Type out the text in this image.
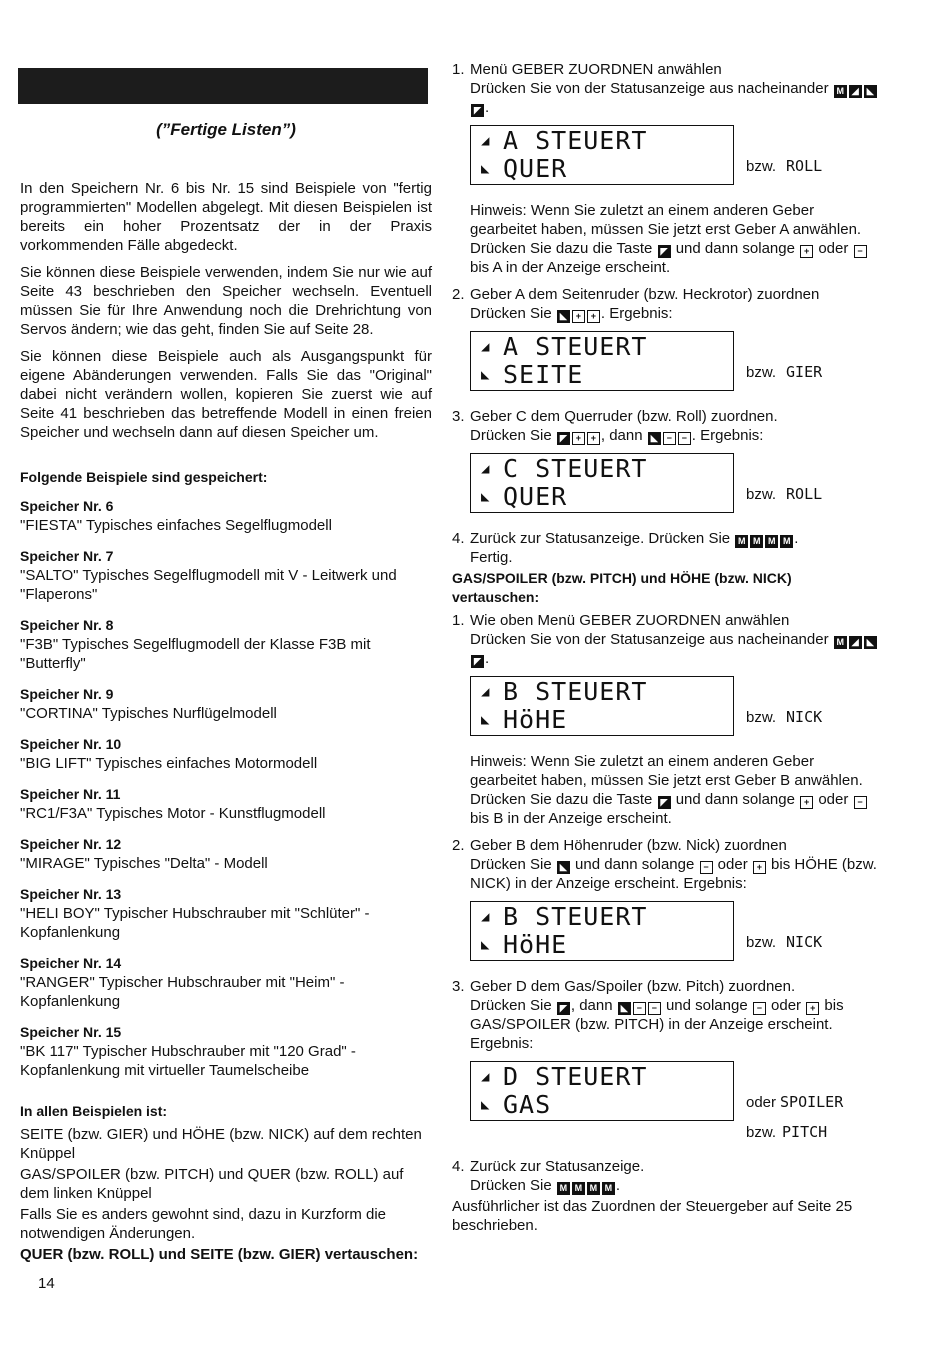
(”Fertige Listen”)

In den Speichern Nr. 6 bis Nr. 15 sind Beispiele von "fertig programmierten" Modellen abgelegt. Mit diesen Beispielen ist bereits ein hoher Prozentsatz der in der Praxis vorkommenden Fälle abgedeckt.

Sie können diese Beispiele verwenden, indem Sie nur wie auf Seite 43 beschrieben den Speicher wechseln. Eventuell müssen Sie für Ihre Anwendung noch die Drehrichtung von Servos ändern; wie das geht, finden Sie auf Seite 28.

Sie können diese Beispiele auch als Ausgangspunkt für eigene Abänderungen verwenden. Falls Sie das "Original" dabei nicht verändern wollen, kopieren Sie zuerst wie auf Seite 41 beschrieben das betreffende Modell in einen freien Speicher und wechseln dann auf diesen Speicher um.

Folgende Beispiele sind gespeichert:
Speicher Nr. 6
"FIESTA" Typisches einfaches Segelflugmodell
Speicher Nr. 7
"SALTO" Typisches Segelflugmodell mit V - Leitwerk und "Flaperons"
Speicher Nr. 8
"F3B" Typisches Segelflugmodell der Klasse F3B mit "Butterfly"
Speicher Nr. 9
"CORTINA" Typisches Nurflügelmodell
Speicher Nr. 10
"BIG LIFT" Typisches einfaches Motormodell
Speicher Nr. 11
"RC1/F3A" Typisches Motor - Kunstflugmodell
Speicher Nr. 12
"MIRAGE" Typisches "Delta" - Modell
Speicher Nr. 13
"HELI BOY" Typischer Hubschrauber mit "Schlüter" - Kopfanlenkung
Speicher Nr. 14
"RANGER" Typischer Hubschrauber mit "Heim" - Kopfanlenkung
Speicher Nr. 15
"BK 117" Typischer Hubschrauber mit "120 Grad" - Kopfanlenkung mit virtueller Taumelscheibe
In allen Beispielen ist:

SEITE (bzw. GIER) und HÖHE (bzw. NICK) auf dem rechten Knüppel

GAS/SPOILER (bzw. PITCH) und QUER (bzw. ROLL) auf dem linken Knüppel

Falls Sie es anders gewohnt sind, dazu in Kurzform die notwendigen Änderungen.

QUER (bzw. ROLL) und SEITE (bzw. GIER) vertauschen:
1. Menü GEBER ZUORDNEN anwählen
Drücken Sie von der Statusanzeige aus nacheinander M ◢ ◣◤ .
◢ A STEUERT
◣ QUER	bzw. ROLL

Hinweis: Wenn Sie zuletzt an einem anderen Geber gearbeitet haben, müssen Sie jetzt erst Geber A anwählen. Drücken Sie dazu die Taste ◤ und dann solange + oder − bis A in der Anzeige erscheint.

2. Geber A dem Seitenruder (bzw. Heckrotor) zuordnen
Drücken Sie ◣ + + . Ergebnis:
◢ A STEUERT
◣ SEITE	bzw. GIER
3. Geber C dem Querruder (bzw. Roll) zuordnen.
Drücken Sie ◤ + + , dann ◣ − − . Ergebnis:
◢ C STEUERT
◣ QUER	bzw. ROLL
4. Zurück zur Statusanzeige. Drücken Sie M M M M .
Fertig.
GAS/SPOILER (bzw. PITCH) und HÖHE (bzw. NICK) vertauschen:
1. Wie oben Menü GEBER ZUORDNEN anwählen
Drücken Sie von der Statusanzeige aus nacheinander M ◢ ◣◤ .
◢ B STEUERT
◣ HöHE	bzw. NICK

Hinweis: Wenn Sie zuletzt an einem anderen Geber gearbeitet haben, müssen Sie jetzt erst Geber B anwählen. Drücken Sie dazu die Taste ◤ und dann solange + oder − bis B in der Anzeige erscheint.

2. Geber B dem Höhenruder (bzw. Nick) zuordnen
Drücken Sie ◣ und dann solange − oder + bis HÖHE (bzw. NICK) in der Anzeige erscheint. Ergebnis:
◢ B STEUERT
◣ HöHE	bzw. NICK
3. Geber D dem Gas/Spoiler (bzw. Pitch) zuordnen.
Drücken Sie ◤ , dann ◣ − − und solange − oder + bis GAS/SPOILER (bzw. PITCH) in der Anzeige erscheint. Ergebnis:
◢ D STEUERT
◣ GAS	oder SPOILER
bzw. PITCH
4. Zurück zur Statusanzeige.
Drücken Sie M M M M .

Ausführlicher ist das Zuordnen der Steuergeber auf Seite 25 beschrieben.

14
